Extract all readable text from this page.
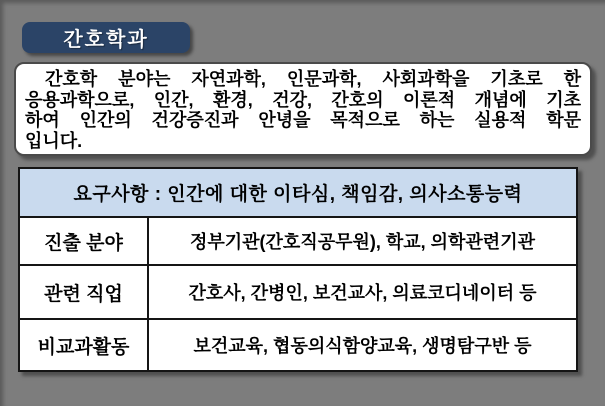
간호학과
간호학 분야는 자연과학, 인문과학, 사회과학을 기초로 한
응용과학으로, 인간, 환경, 건강, 간호의 이론적 개념에 기초
하여 인간의 건강증진과 안녕을 목적으로 하는 실용적 학문
입니다.
요구사항 : 인간에 대한 이타심, 책임감, 의사소통능력	
진출 분야	정부기관(간호직공무원), 학교, 의학관련기관
관련 직업	간호사, 간병인, 보건교사, 의료코디네이터 등
비교과활동	보건교육, 협동의식함양교육, 생명탐구반 등
